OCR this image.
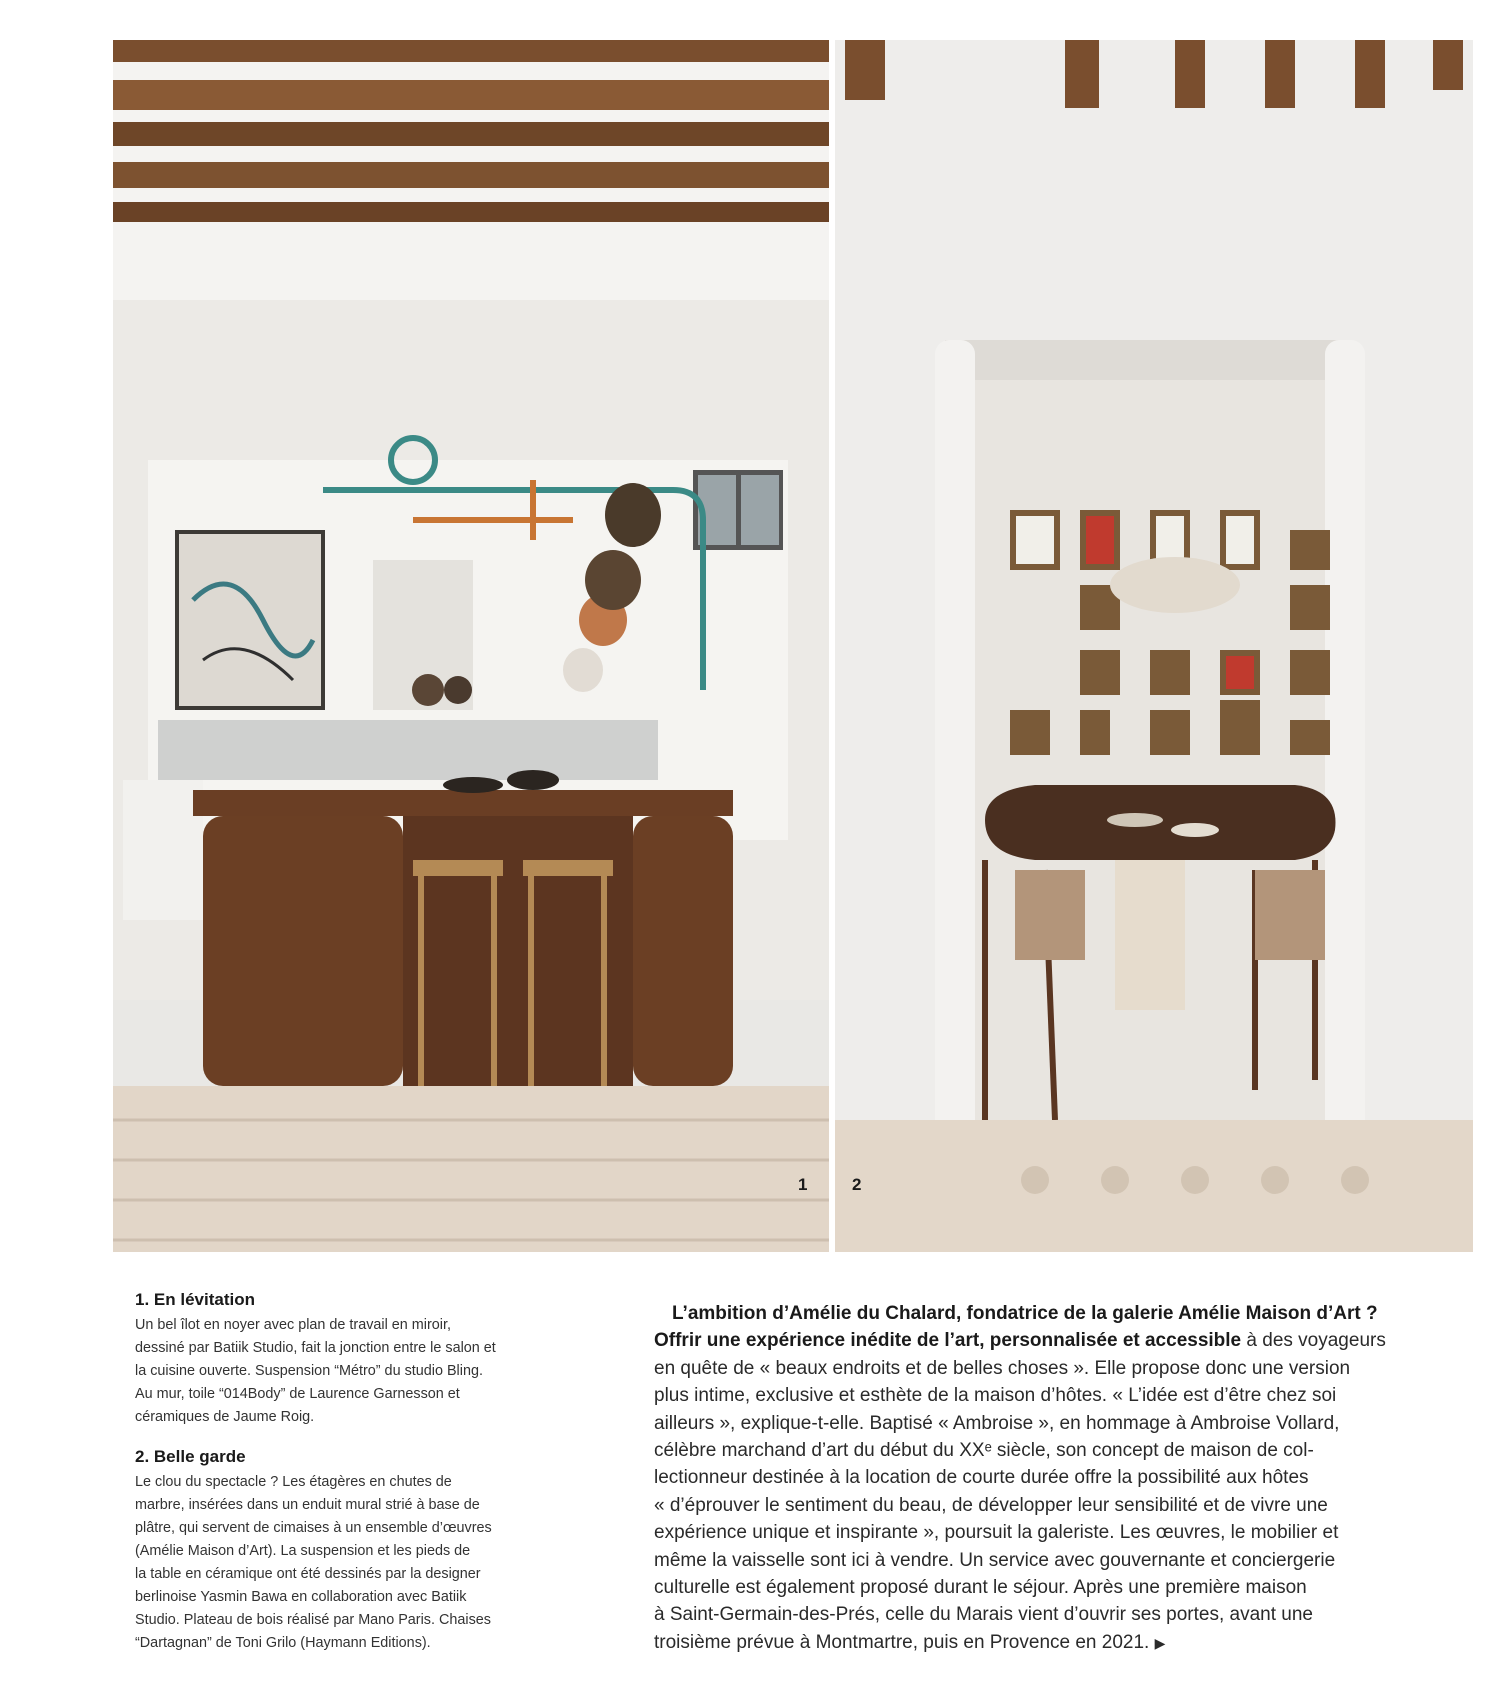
1	2

1. En lévitation

Un bel îlot en noyer avec plan de travail en miroir,
dessiné par Batiik Studio, fait la jonction entre le salon et
la cuisine ouverte. Suspension “Métro” du studio Bling.
Au mur, toile “014Body” de Laurence Garnesson et
céramiques de Jaume Roig.

2. Belle garde

Le clou du spectacle ? Les étagères en chutes de
marbre, insérées dans un enduit mural strié à base de
plâtre, qui servent de cimaises à un ensemble d’œuvres
(Amélie Maison d’Art). La suspension et les pieds de
la table en céramique ont été dessinés par la designer
berlinoise Yasmin Bawa en collaboration avec Batiik
Studio. Plateau de bois réalisé par Mano Paris. Chaises
“Dartagnan” de Toni Grilo (Haymann Editions).

L’ambition d’Amélie du Chalard, fondatrice de la galerie Amélie Maison d’Art ?
Offrir une expérience inédite de l’art, personnalisée et accessible à des voyageurs
en quête de « beaux endroits et de belles choses ». Elle propose donc une version
plus intime, exclusive et esthète de la maison d’hôtes. « L’idée est d’être chez soi
ailleurs », explique-t-elle. Baptisé « Ambroise », en hommage à Ambroise Vollard,
célèbre marchand d’art du début du XXᵉ siècle, son concept de maison de col-
lectionneur destinée à la location de courte durée offre la possibilité aux hôtes
« d’éprouver le sentiment du beau, de développer leur sensibilité et de vivre une
expérience unique et inspirante », poursuit la galeriste. Les œuvres, le mobilier et
même la vaisselle sont ici à vendre. Un service avec gouvernante et conciergerie
culturelle est également proposé durant le séjour. Après une première maison
à Saint-Germain-des-Prés, celle du Marais vient d’ouvrir ses portes, avant une
troisième prévue à Montmartre, puis en Provence en 2021. ▶
